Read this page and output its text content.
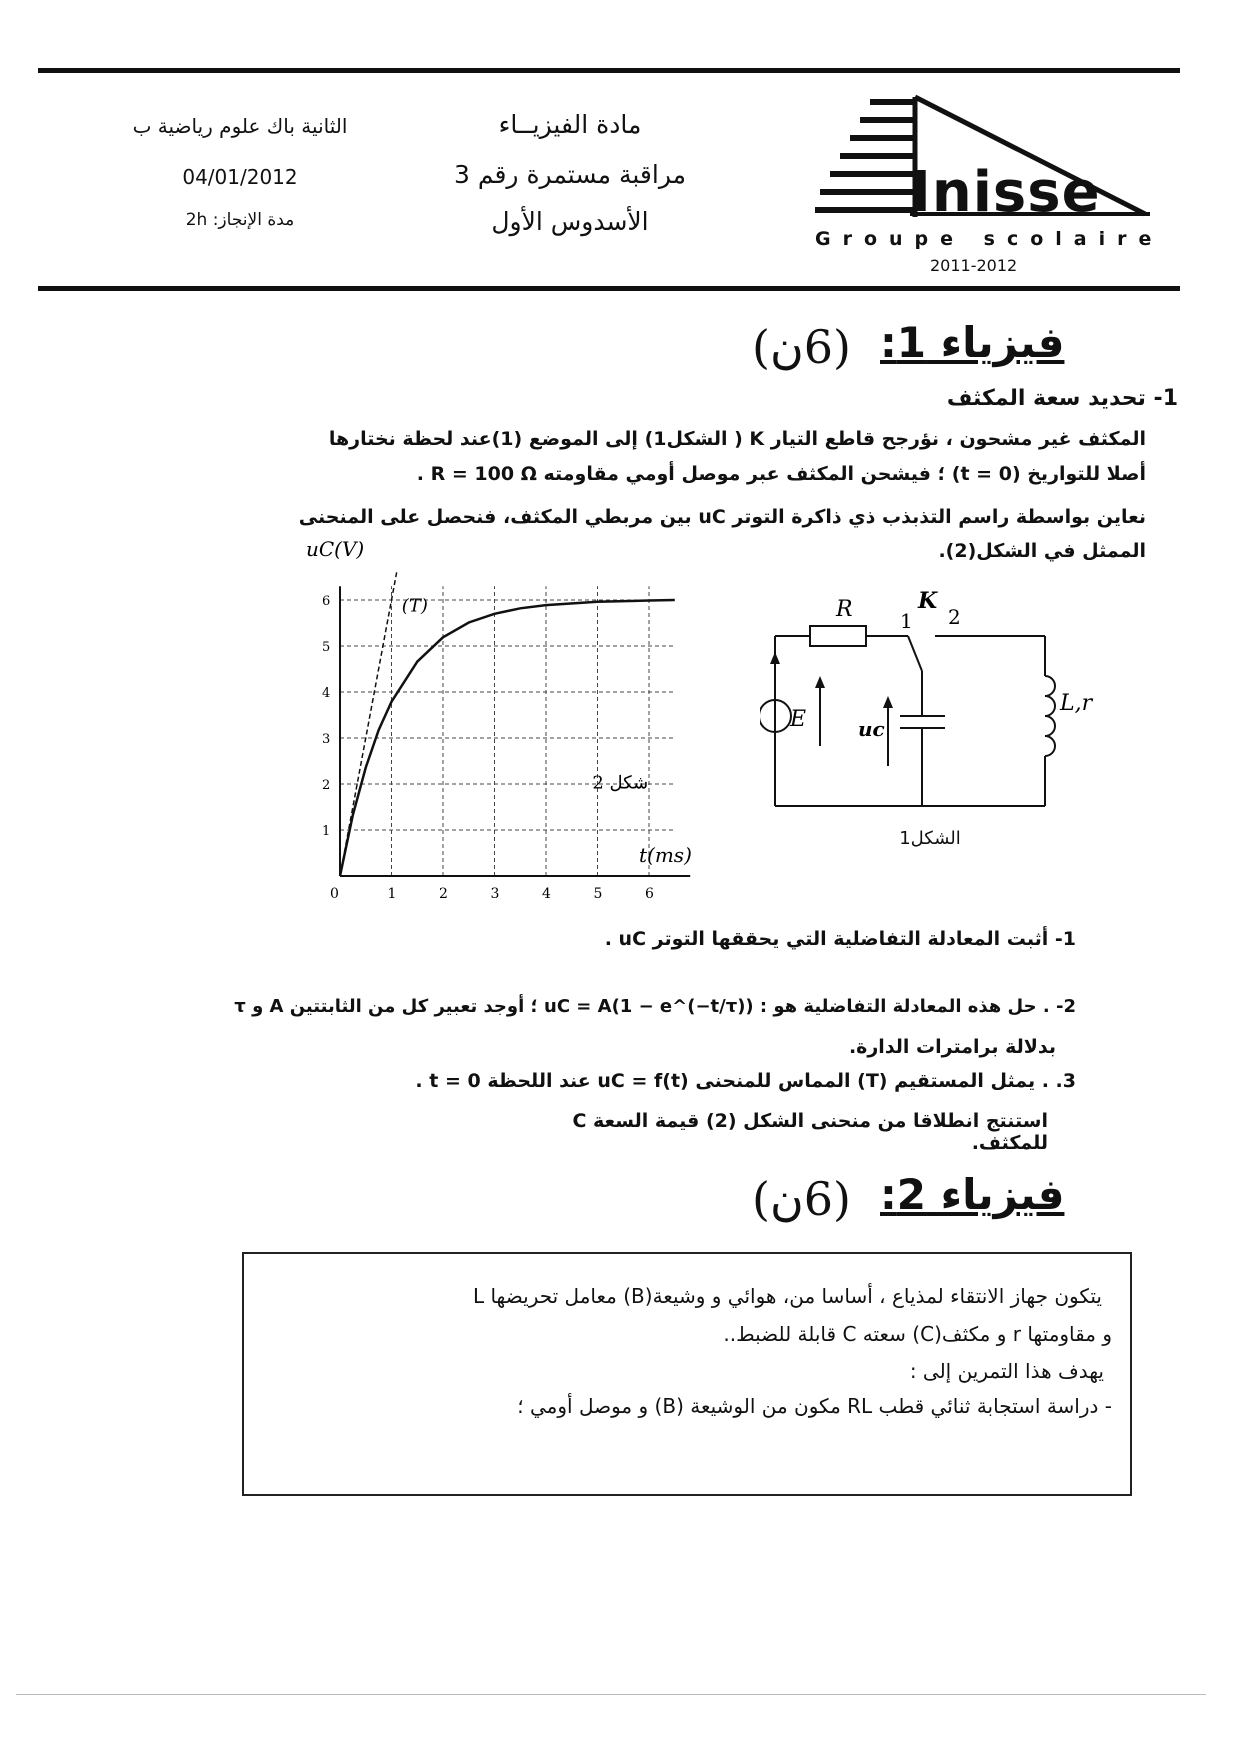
الثانية باك علوم رياضية ب
04/01/2012
مدة الإنجاز: 2h
مادة الفيزيــاء
مراقبة مستمرة رقم 3
الأسدوس الأول	Inisse
Groupe scolaire
2011-2012
فيزياء 1:
(6ن)
1- تحديد سعة المكثف
المكثف غير مشحون ، نؤرجح قاطع التيار K ( الشكل1) إلى الموضع (1)عند لحظة نختارها
أصلا للتواريخ (t = 0) ؛ فيشحن المكثف عبر موصل أومي مقاومته R = 100 Ω .
نعاين بواسطة راسم التذبذب ذي ذاكرة التوتر uC بين مربطي المكثف، فنحصل على المنحنى
الممثل في الشكل(2).
0	1	2	3	4	5	6
1
2
3
4
5
6
uC(V)
t(ms)
(T)
شكل 2
R	K
1 2
E	uc
L,r
الشكل1
1- أثبت المعادلة التفاضلية التي يحققها التوتر uC .
2- . حل هذه المعادلة التفاضلية هو : uC = A(1 − e^(−t/τ)) ؛ أوجد تعبير كل من الثابتتين A و τ
بدلالة برامترات الدارة.
3. . يمثل المستقيم (T) المماس للمنحنى uC = f(t) عند اللحظة t = 0 .
استنتج انطلاقا من منحنى الشكل (2) قيمة السعة C للمكثف.
فيزياء 2:
(6ن)
يتكون جهاز الانتقاء لمذياع ، أساسا من، هوائي و وشيعة(B) معامل تحريضها L
و مقاومتها r و مكثف(C) سعته C قابلة للضبط..
يهدف هذا التمرين إلى :
- دراسة استجابة ثنائي قطب RL مكون من الوشيعة (B) و موصل أومي ؛
